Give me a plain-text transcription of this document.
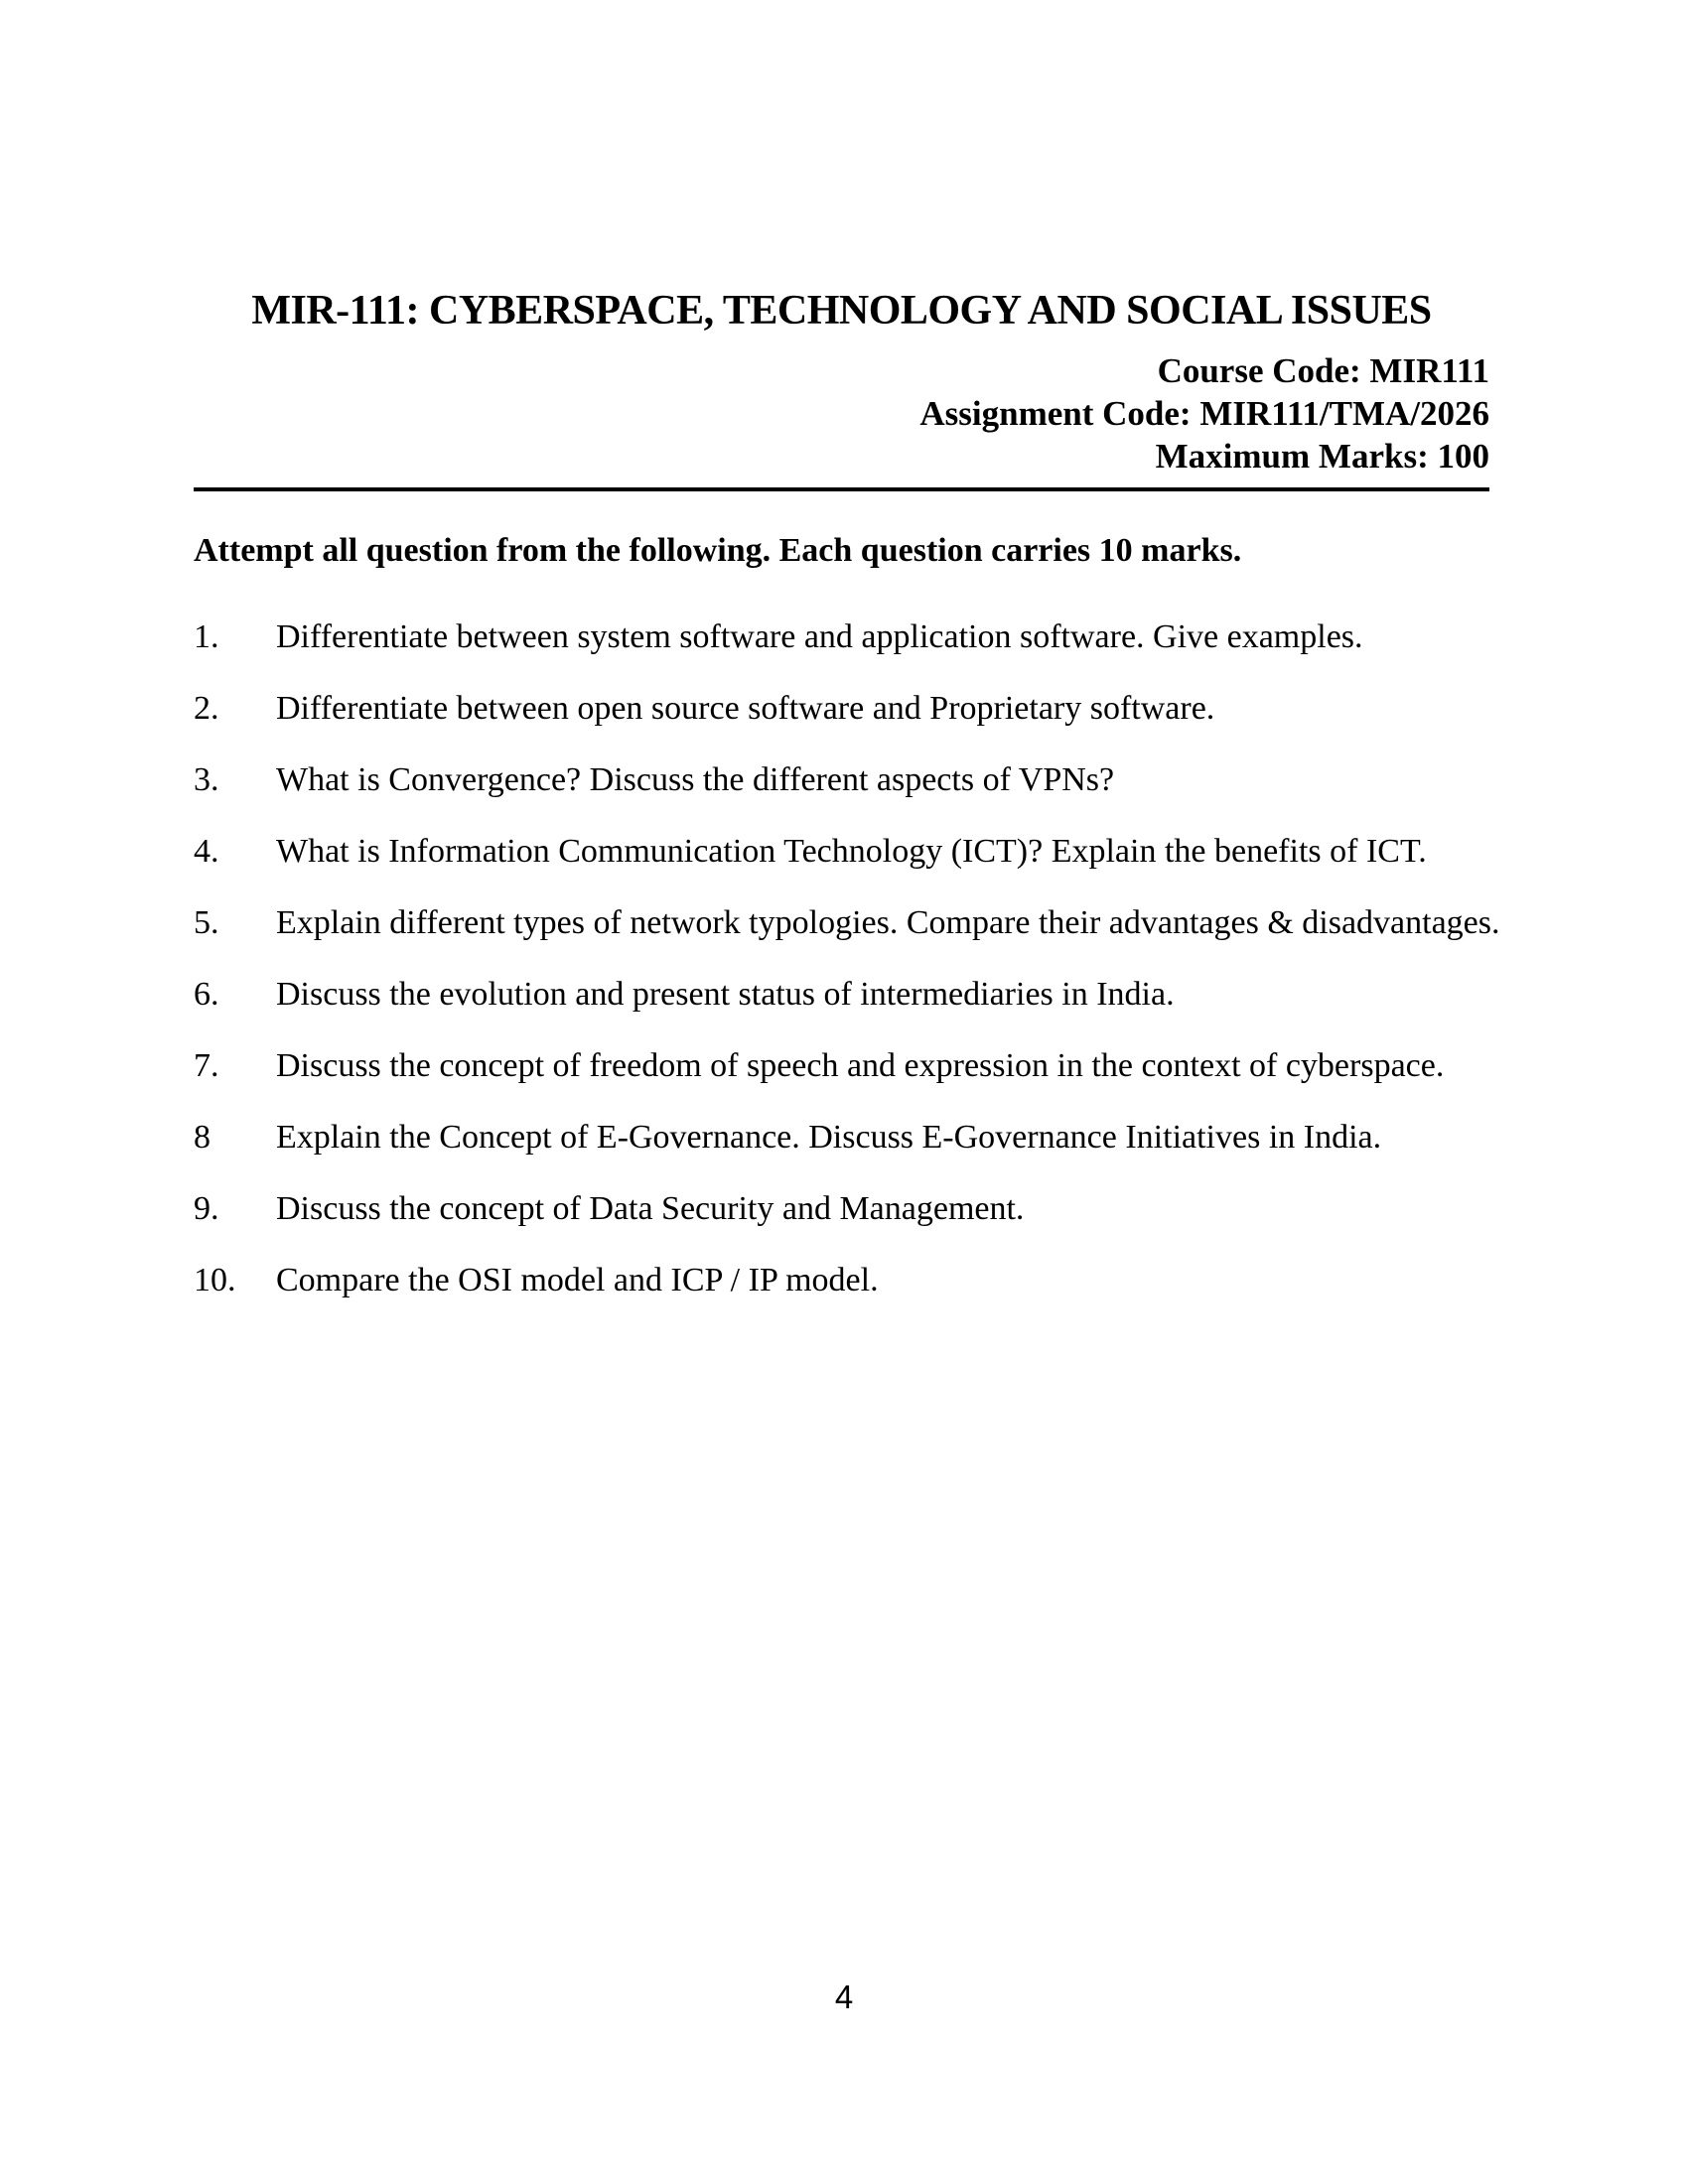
MIR-111: CYBERSPACE, TECHNOLOGY AND SOCIAL ISSUES
Course Code: MIR111
Assignment Code: MIR111/TMA/2026
Maximum Marks: 100

Attempt all question from the following. Each question carries 10 marks.

1.	Differentiate between system software and application software. Give examples.
2.	Differentiate between open source software and Proprietary software.
3.	What is Convergence? Discuss the different aspects of VPNs?
4.	What is Information Communication Technology (ICT)? Explain the benefits of ICT.
5.	Explain different types of network typologies. Compare their advantages & disadvantages.
6.	Discuss the evolution and present status of intermediaries in India.
7.	Discuss the concept of freedom of speech and expression in the context of cyberspace.
8	Explain the Concept of E-Governance. Discuss E-Governance Initiatives in India.
9.	Discuss the concept of Data Security and Management.
10.	Compare the OSI model and ICP / IP model.
4
